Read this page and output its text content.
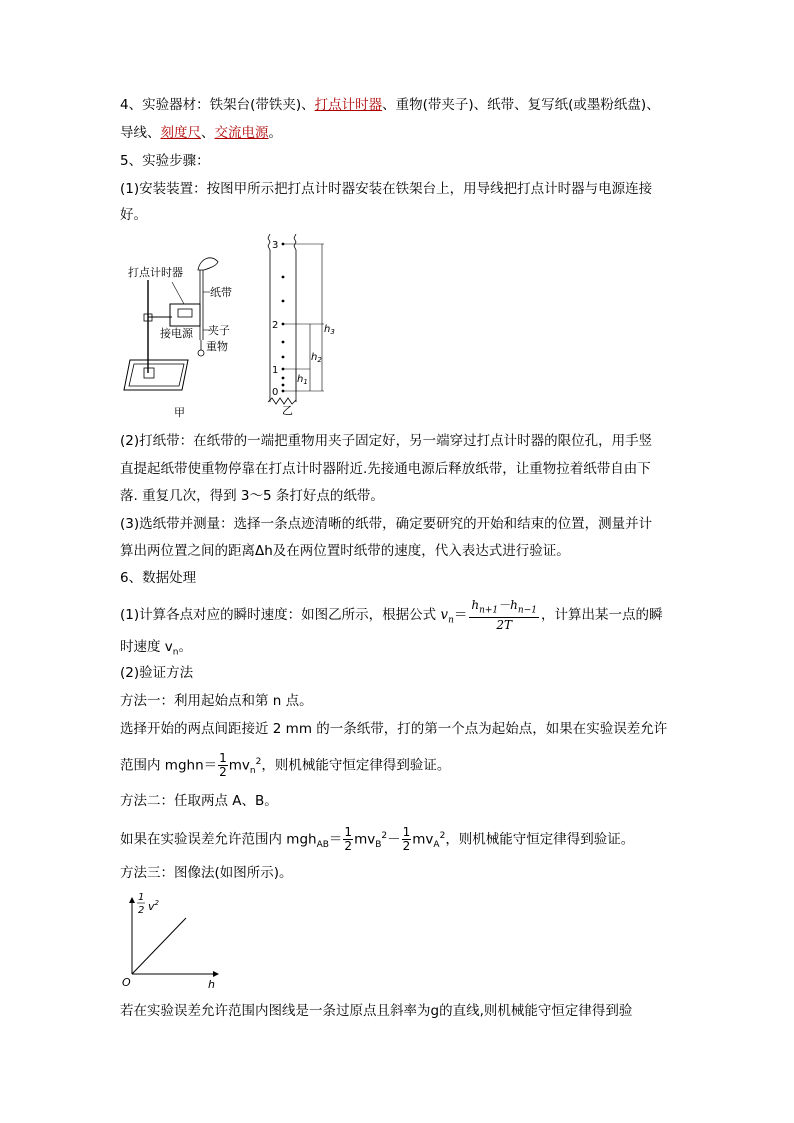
4、实验器材：铁架台(带铁夹)、打点计时器、重物(带夹子)、纸带、复写纸(或墨粉纸盘)、
导线、刻度尺、交流电源。
5、实验步骤：
(1)安装装置：按图甲所示把打点计时器安装在铁架台上，用导线把打点计时器与电源连接
好。
打点计时器
纸带
接电源 夹子
重物
甲
3
2
1
0
$h_3$
$h_2$
$h_1$
乙
(2)打纸带：在纸带的一端把重物用夹子固定好，另一端穿过打点计时器的限位孔，用手竖
直提起纸带使重物停靠在打点计时器附近.先接通电源后释放纸带，让重物拉着纸带自由下
落. 重复几次，得到 3～5 条打好点的纸带。
(3)选纸带并测量：选择一条点迹清晰的纸带，确定要研究的开始和结束的位置，测量并计
算出两位置之间的距离Δh及在两位置时纸带的速度，代入表达式进行验证。
6、数据处理
(1)计算各点对应的瞬时速度：如图乙所示，根据公式 $v_n= \frac{h_{n+1}-h_{n-1}}{2T}$ ，计算出某一点的瞬
时速度 $v_n$。
(2)验证方法
方法一：利用起始点和第 n 点。
选择开始的两点间距接近 2 mm 的一条纸带，打的第一个点为起始点，如果在实验误差允许
范围内 mghn＝ $\frac{1}{2} mv_n^2$，则机械能守恒定律得到验证。
方法二：任取两点 A、B。
如果在实验误差允许范围内 $mgh_{AB}= \frac{1}{2} mv_B^2- \frac{1}{2} mv_A^2$，则机械能守恒定律得到验证。
方法三：图像法(如图所示)。
1
2 $v^2$
O	h
若在实验误差允许范围内图线是一条过原点且斜率为g的直线,则机械能守恒定律得到验
